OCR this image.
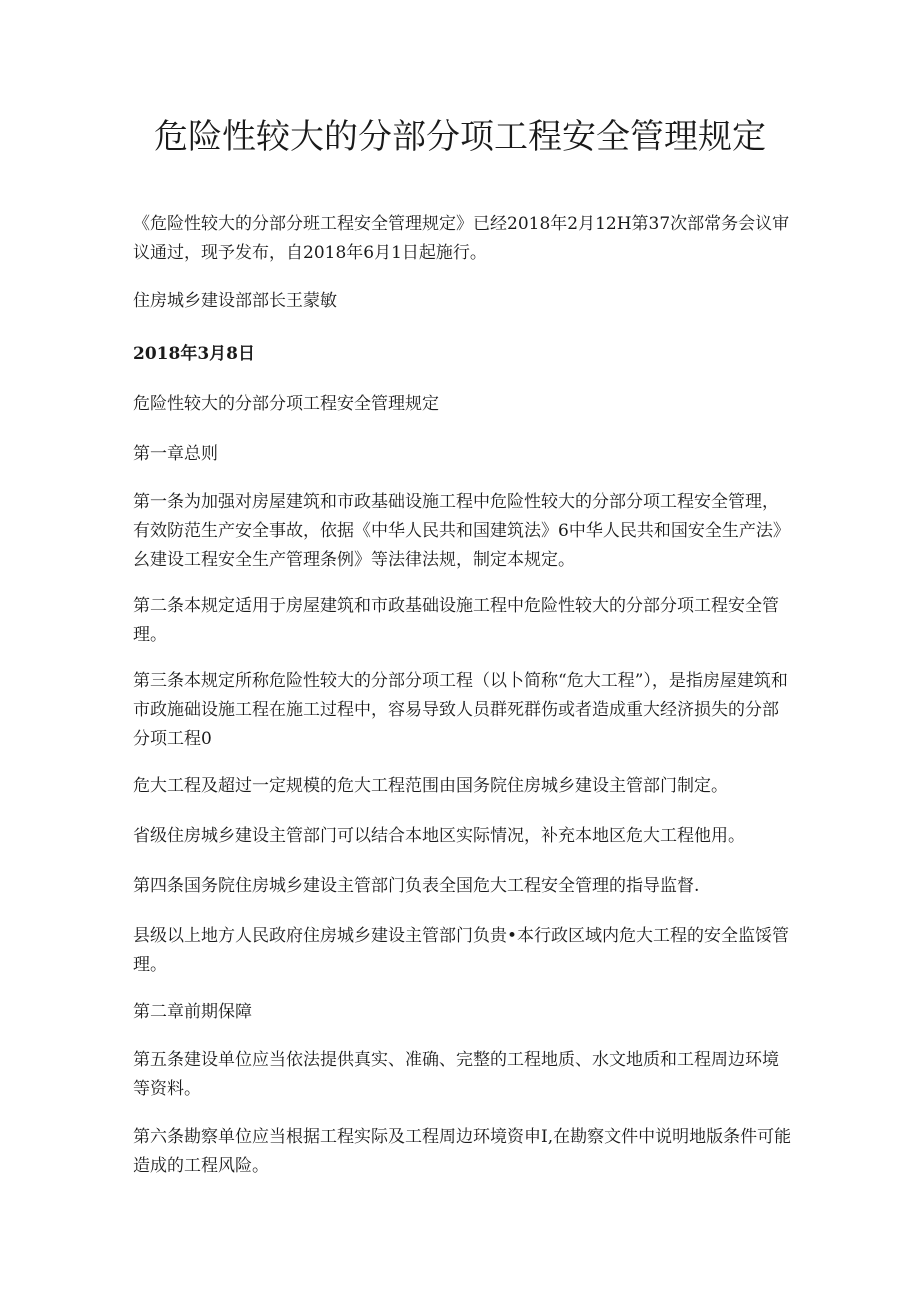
危险性较大的分部分项工程安全管理规定

《危险性较大的分部分班工程安全管理规定》已经2018年2月12H第37次部常务会议审议通过，现予发布，自2018年6月1日起施行。

住房城乡建设部部长王蒙敏

2018年3月8日

危险性较大的分部分项工程安全管理规定

第一章总则

第一条为加强对房屋建筑和市政基础设施工程中危险性较大的分部分项工程安全管理，有效防范生产安全事故，依据《中华人民共和国建筑法》6中华人民共和国安全生产法》幺建设工程安全生产管理条例》等法律法规，制定本规定。

第二条本规定适用于房屋建筑和市政基础设施工程中危险性较大的分部分项工程安全管理。

第三条本规定所称危险性较大的分部分项工程（以卜简称“危大工程”），是指房屋建筑和市政施础设施工程在施工过程中，容易导致人员群死群伤或者造成重大经济损失的分部分项工程0

危大工程及超过一定规模的危大工程范围由国务院住房城乡建设主管部门制定。

省级住房城乡建设主管部门可以结合本地区实际情况，补充本地区危大工程他用。

第四条国务院住房城乡建设主管部门负表全国危大工程安全管理的指导监督.

县级以上地方人民政府住房城乡建设主管部门负贵•本行政区域内危大工程的安全监馁管理。

第二章前期保障

第五条建设单位应当依法提供真实、准确、完整的工程地质、水文地质和工程周边环境等资料。

第六条勘察单位应当根据工程实际及工程周边环境资申I,在勘察文件中说明地版条件可能造成的工程风险。
